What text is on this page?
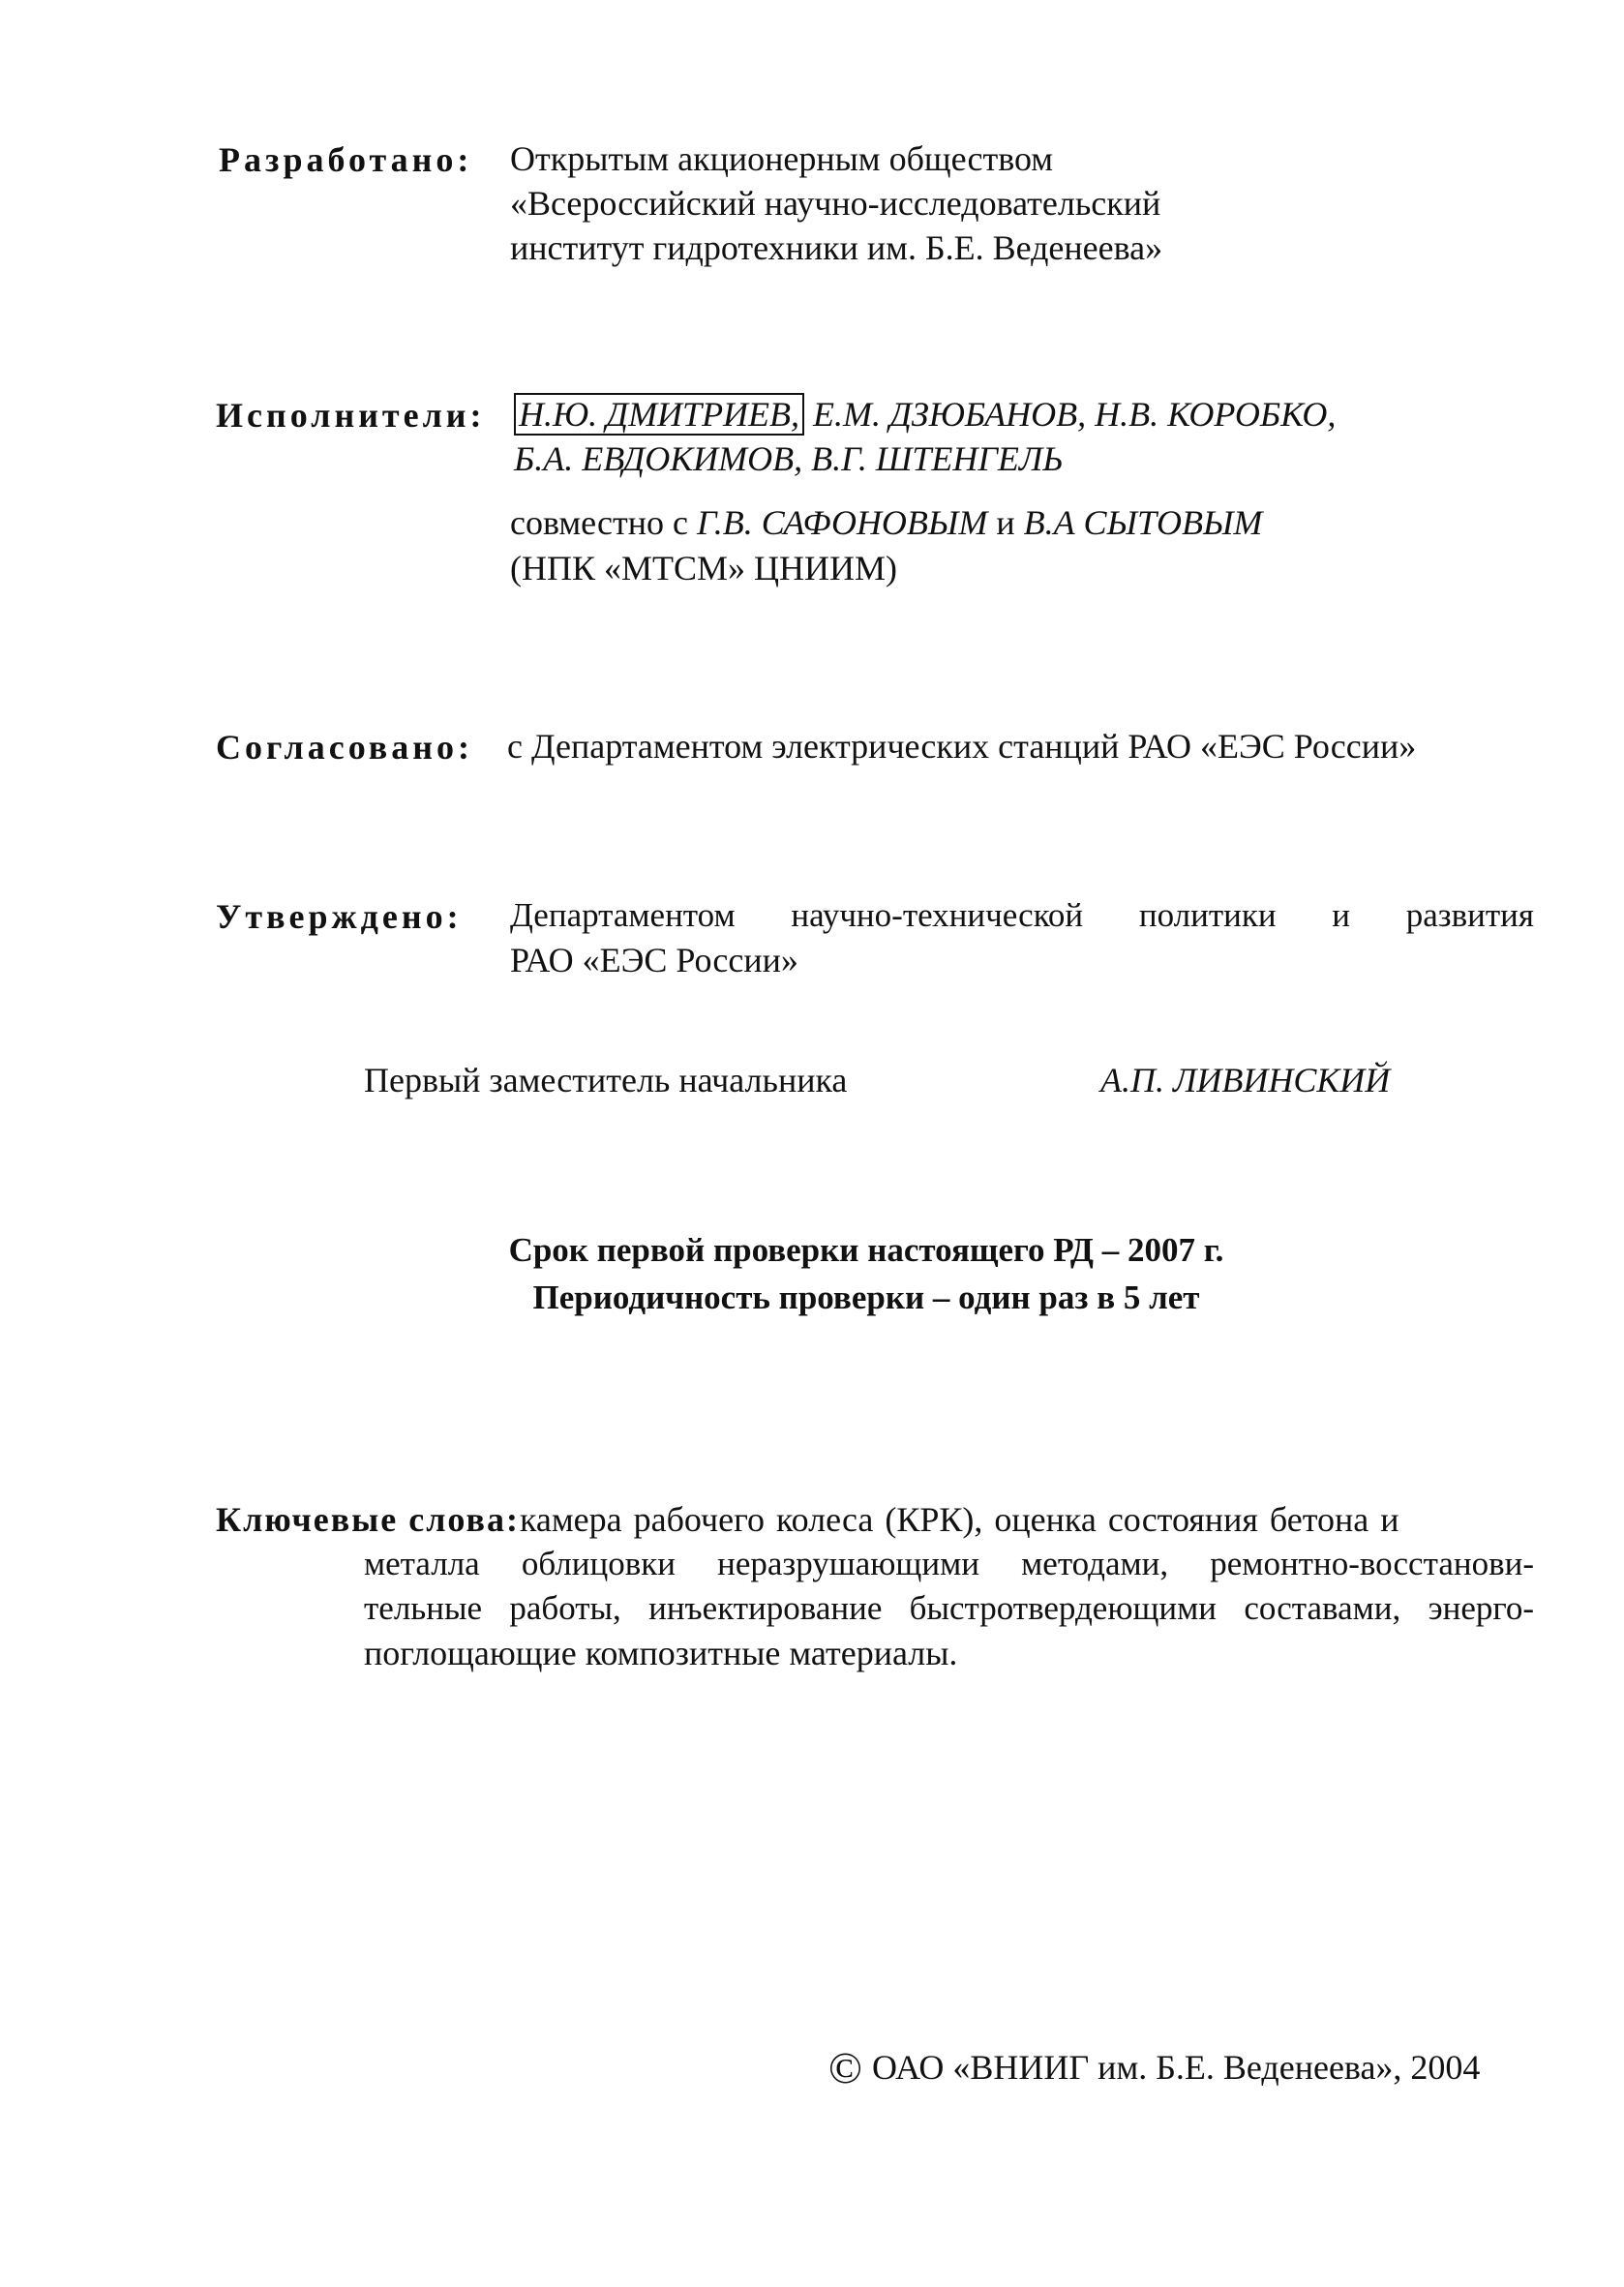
Разработано: Открытым акционерным обществом
«Всероссийский научно-исследовательский
институт гидротехники им. Б.Е. Веденеева»
Исполнители: Н.Ю. ДМИТРИЕВ, Е.М. ДЗЮБАНОВ, Н.В. КОРОБКО,
Б.А. ЕВДОКИМОВ, В.Г. ШТЕНГЕЛЬ
совместно с Г.В. САФОНОВЫМ и В.А СЫТОВЫМ
(НПК «МТСМ» ЦНИИМ)
Согласовано: с Департаментом электрических станций РАО «ЕЭС России»
Утверждено: Департаментом научно-технической политики и развития
РАО «ЕЭС России»
Первый заместитель начальника	А.П. ЛИВИНСКИЙ
Срок первой проверки настоящего РД – 2007 г.
Периодичность проверки – один раз в 5 лет
Ключевые слова:камера рабочего колеса (КРК), оценка состояния бетона и
металла облицовки неразрушающими методами, ремонтно-восстанови-
тельные работы, инъектирование быстротвердеющими составами, энерго-
поглощающие композитные материалы.
© ОАО «ВНИИГ им. Б.Е. Веденеева», 2004
